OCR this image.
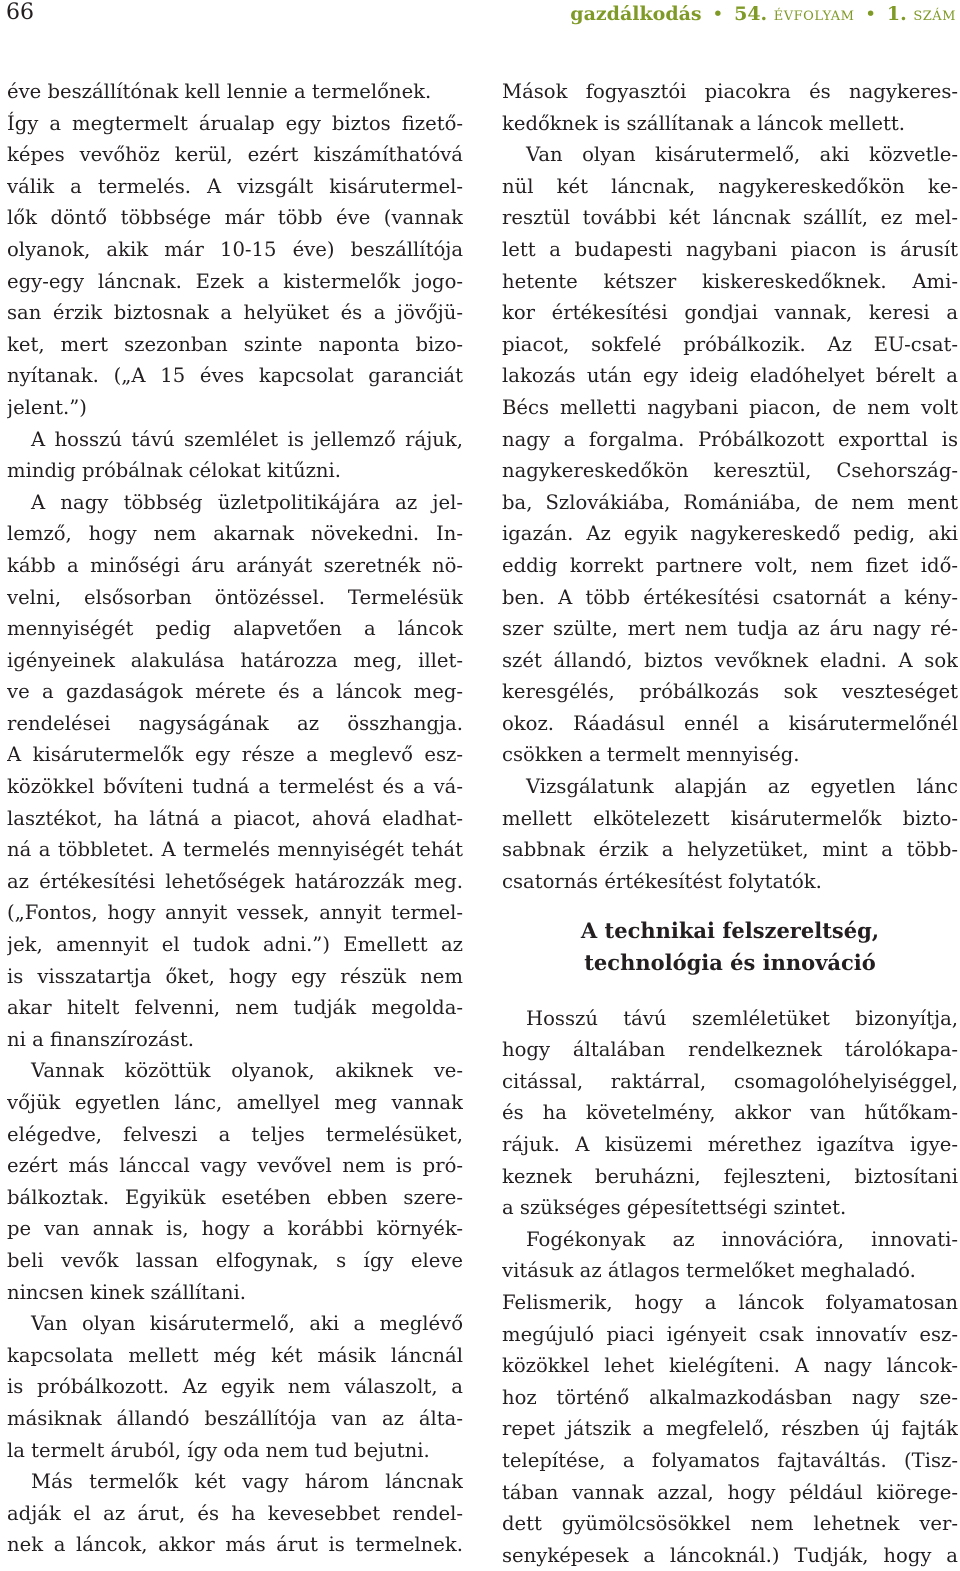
66	gazdálkodás • 54. ÉVFOLYAM • 1. SZÁM
éve beszállítónak kell lennie a termelőnek.
Így a megtermelt árualap egy biztos fizető-
képes vevőhöz kerül, ezért kiszámíthatóvá
válik a termelés. A vizsgált kisárutermel-
lők döntő többsége már több éve (vannak
olyanok, akik már 10-15 éve) beszállítója
egy-egy láncnak. Ezek a kistermelők jogo-
san érzik biztosnak a helyüket és a jövőjü-
ket, mert szezonban szinte naponta bizo-
nyítanak. („A 15 éves kapcsolat garanciát
jelent.”)
A hosszú távú szemlélet is jellemző rájuk,
mindig próbálnak célokat kitűzni.
A nagy többség üzletpolitikájára az jel-
lemző, hogy nem akarnak növekedni. In-
kább a minőségi áru arányát szeretnék nö-
velni, elsősorban öntözéssel. Termelésük
mennyiségét pedig alapvetően a láncok
igényeinek alakulása határozza meg, illet-
ve a gazdaságok mérete és a láncok meg-
rendelései nagyságának az összhangja.
A kisárutermelők egy része a meglevő esz-
közökkel bővíteni tudná a termelést és a vá-
lasztékot, ha látná a piacot, ahová eladhat-
ná a többletet. A termelés mennyiségét tehát
az értékesítési lehetőségek határozzák meg.
(„Fontos, hogy annyit vessek, annyit termel-
jek, amennyit el tudok adni.”) Emellett az
is visszatartja őket, hogy egy részük nem
akar hitelt felvenni, nem tudják megolda-
ni a finanszírozást.
Vannak közöttük olyanok, akiknek ve-
vőjük egyetlen lánc, amellyel meg vannak
elégedve, felveszi a teljes termelésüket,
ezért más lánccal vagy vevővel nem is pró-
bálkoztak. Egyikük esetében ebben szere-
pe van annak is, hogy a korábbi környék-
beli vevők lassan elfogynak, s így eleve
nincsen kinek szállítani.
Van olyan kisárutermelő, aki a meglévő
kapcsolata mellett még két másik láncnál
is próbálkozott. Az egyik nem válaszolt, a
másiknak állandó beszállítója van az álta-
la termelt áruból, így oda nem tud bejutni.
Más termelők két vagy három láncnak
adják el az árut, és ha kevesebbet rendel-
nek a láncok, akkor más árut is termelnek.
Mások fogyasztói piacokra és nagykeres-
kedőknek is szállítanak a láncok mellett.
Van olyan kisárutermelő, aki közvetle-
nül két láncnak, nagykereskedőkön ke-
resztül további két láncnak szállít, ez mel-
lett a budapesti nagybani piacon is árusít
hetente kétszer kiskereskedőknek. Ami-
kor értékesítési gondjai vannak, keresi a
piacot, sokfelé próbálkozik. Az EU-csat-
lakozás után egy ideig eladóhelyet bérelt a
Bécs melletti nagybani piacon, de nem volt
nagy a forgalma. Próbálkozott exporttal is
nagykereskedőkön keresztül, Csehország-
ba, Szlovákiába, Romániába, de nem ment
igazán. Az egyik nagykereskedő pedig, aki
eddig korrekt partnere volt, nem fizet idő-
ben. A több értékesítési csatornát a kény-
szer szülte, mert nem tudja az áru nagy ré-
szét állandó, biztos vevőknek eladni. A sok
keresgélés, próbálkozás sok veszteséget
okoz. Ráadásul ennél a kisárutermelőnél
csökken a termelt mennyiség.
Vizsgálatunk alapján az egyetlen lánc
mellett elkötelezett kisárutermelők bizto-
sabbnak érzik a helyzetüket, mint a több-
csatornás értékesítést folytatók.
A technikai felszereltség,
technológia és innováció
Hosszú távú szemléletüket bizonyítja,
hogy általában rendelkeznek tárolókapa-
citással, raktárral, csomagolóhelyiséggel,
és ha követelmény, akkor van hűtőkam-
rájuk. A kisüzemi mérethez igazítva igye-
keznek beruházni, fejleszteni, biztosítani
a szükséges gépesítettségi szintet.
Fogékonyak az innovációra, innovati-
vitásuk az átlagos termelőket meghaladó.
Felismerik, hogy a láncok folyamatosan
megújuló piaci igényeit csak innovatív esz-
közökkel lehet kielégíteni. A nagy láncok-
hoz történő alkalmazkodásban nagy sze-
repet játszik a megfelelő, részben új fajták
telepítése, a folyamatos fajtaváltás. (Tisz-
tában vannak azzal, hogy például kiörege-
dett gyümölcsösökkel nem lehetnek ver-
senyképesek a láncoknál.) Tudják, hogy a
